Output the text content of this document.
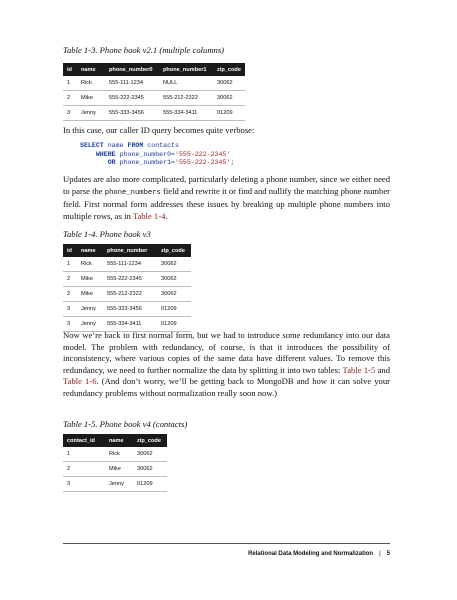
Table 1-3. Phone book v2.1 (multiple columns)
id	name	phone_number0	phone_number1	zip_code
1	Rick	555-111-1234	NULL	30062
2	Mike	555-222-2345	555-212-2322	30062
3	Jenny	555-333-3456	555-334-3411	01209

In this case, our caller ID query becomes quite verbose:

SELECT name FROM contacts
WHERE phone_number0='555-222-2345'
OR phone_number1='555-222-2345';

Updates are also more complicated, particularly deleting a phone number, since we either need to parse the phone_numbers field and rewrite it or find and nullify the matching phone number field. First normal form addresses these issues by breaking up multiple phone numbers into multiple rows, as in Table 1-4.

Table 1-4. Phone book v3
id	name	phone_number	zip_code
1	Rick	555-111-1234	30062
2	Mike	555-222-2345	30062
2	Mike	555-212-2322	30062
3	Jenny	555-333-3456	01209
3	Jenny	555-334-3411	01209

Now we’re back to first normal form, but we had to introduce some redundancy into our data model. The problem with redundancy, of course, is that it introduces the possibility of inconsistency, where various copies of the same data have different values. To remove this redundancy, we need to further normalize the data by splitting it into two tables: Table 1-5 and Table 1-6. (And don’t worry, we’ll be getting back to MongoDB and how it can solve your redundancy problems without normalization really soon now.)

Table 1-5. Phone book v4 (contacts)
contact_id	name	zip_code
1	Rick	30062
2	Mike	30062
3	Jenny	01209
Relational Data Modeling and Normalization | 5
